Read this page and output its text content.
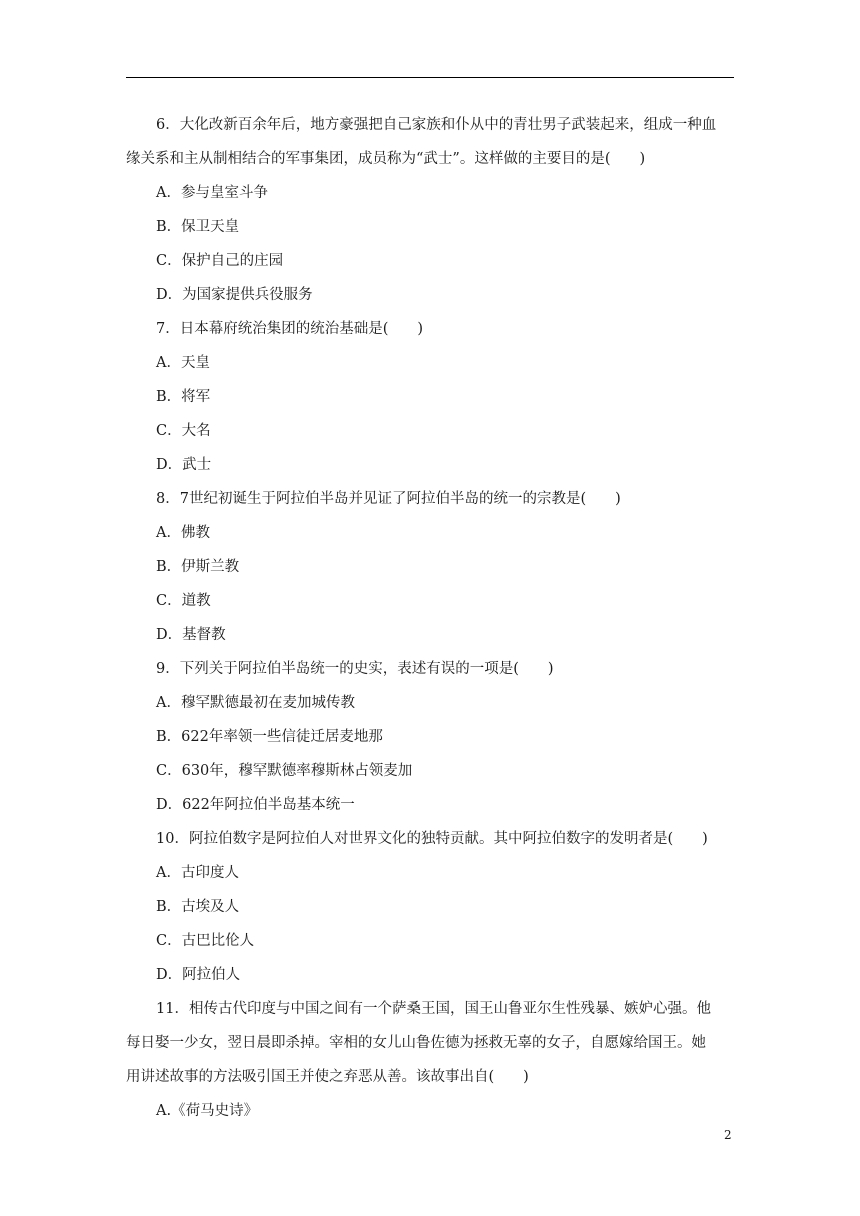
6．大化改新百余年后，地方豪强把自己家族和仆从中的青壮男子武装起来，组成一种血

缘关系和主从制相结合的军事集团，成员称为“武士”。这样做的主要目的是(　　)

A．参与皇室斗争

B．保卫天皇

C．保护自己的庄园

D．为国家提供兵役服务

7．日本幕府统治集团的统治基础是(　　)

A．天皇

B．将军

C．大名

D．武士

8．7世纪初诞生于阿拉伯半岛并见证了阿拉伯半岛的统一的宗教是(　　)

A．佛教

B．伊斯兰教

C．道教

D．基督教

9．下列关于阿拉伯半岛统一的史实，表述有误的一项是(　　)

A．穆罕默德最初在麦加城传教

B．622年率领一些信徒迁居麦地那

C．630年，穆罕默德率穆斯林占领麦加

D．622年阿拉伯半岛基本统一

10．阿拉伯数字是阿拉伯人对世界文化的独特贡献。其中阿拉伯数字的发明者是(　　)

A．古印度人

B．古埃及人

C．古巴比伦人

D．阿拉伯人

11．相传古代印度与中国之间有一个萨桑王国，国王山鲁亚尔生性残暴、嫉妒心强。他

每日娶一少女，翌日晨即杀掉。宰相的女儿山鲁佐德为拯救无辜的女子，自愿嫁给国王。她

用讲述故事的方法吸引国王并使之弃恶从善。该故事出自(　　)

A.《荷马史诗》

2
